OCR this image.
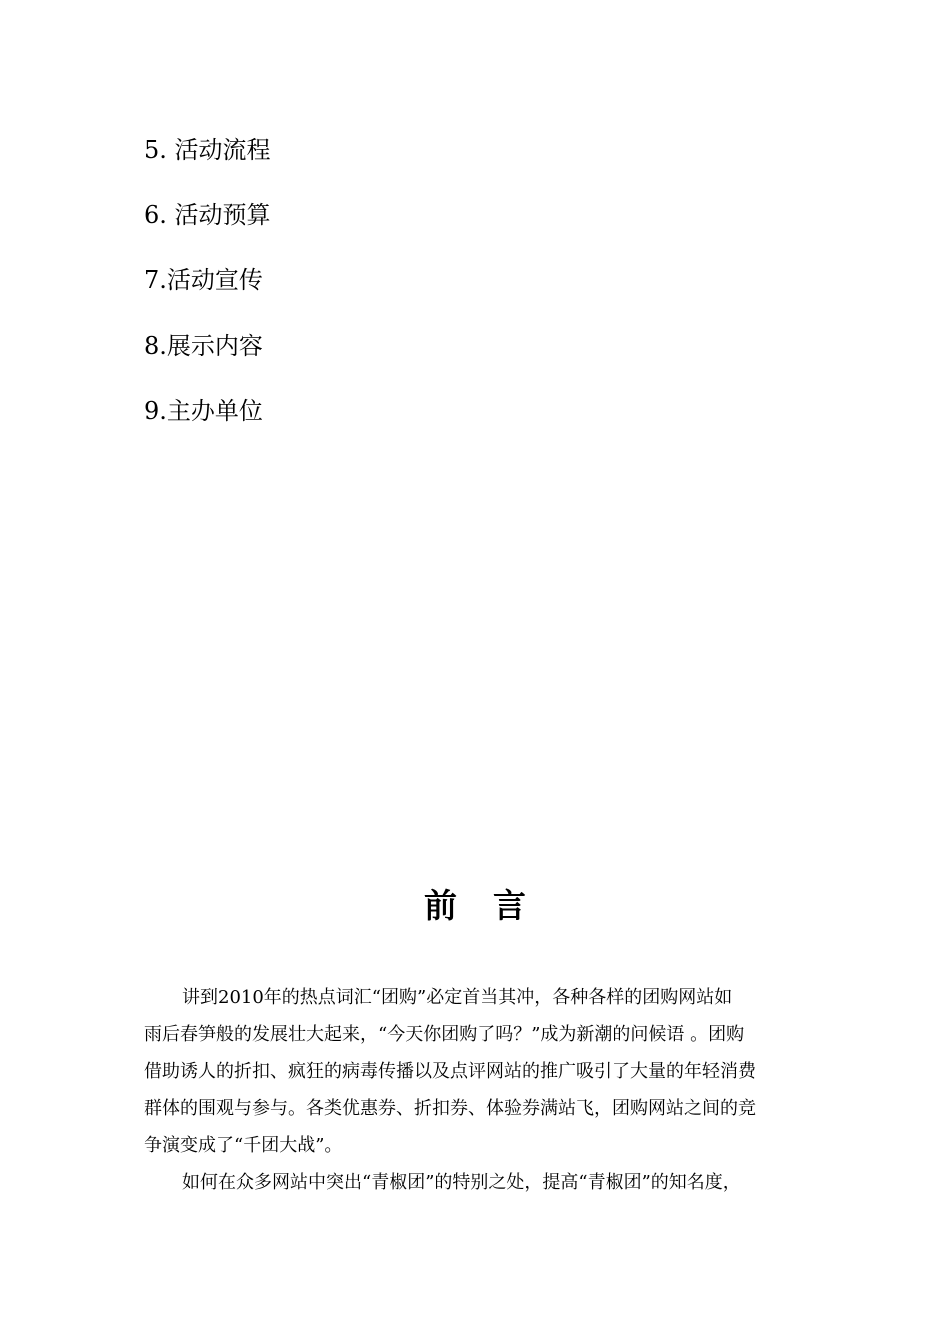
5. 活动流程
6. 活动预算
7.活动宣传
8.展示内容
9.主办单位
前言
讲到2010年的热点词汇“团购”必定首当其冲，各种各样的团购网站如
雨后春笋般的发展壮大起来，“今天你团购了吗？”成为新潮的问候语 。团购
借助诱人的折扣、疯狂的病毒传播以及点评网站的推广吸引了大量的年轻消费
群体的围观与参与。各类优惠券、折扣券、体验券满站飞，团购网站之间的竞
争演变成了“千团大战”。
如何在众多网站中突出“青椒团”的特别之处，提高“青椒团”的知名度，
